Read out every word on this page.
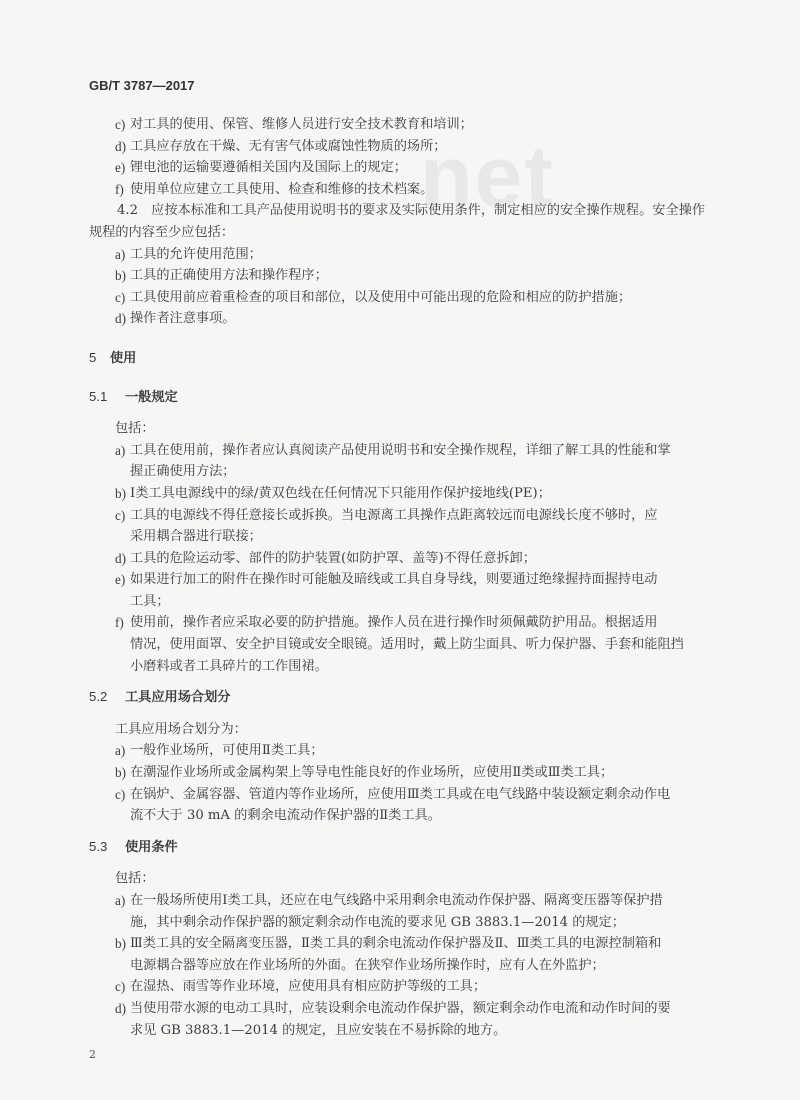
net
GB/T 3787—2017
c) 对工具的使用、保管、维修人员进行安全技术教育和培训；
d) 工具应存放在干燥、无有害气体或腐蚀性物质的场所；
e) 锂电池的运输要遵循相关国内及国际上的规定；
f) 使用单位应建立工具使用、检查和维修的技术档案。
4.2　应按本标准和工具产品使用说明书的要求及实际使用条件，制定相应的安全操作规程。安全操作
规程的内容至少应包括：
a) 工具的允许使用范围；
b) 工具的正确使用方法和操作程序；
c) 工具使用前应着重检查的项目和部位，以及使用中可能出现的危险和相应的防护措施；
d) 操作者注意事项。
5 使用
5.1 一般规定
包括：
a) 工具在使用前，操作者应认真阅读产品使用说明书和安全操作规程，详细了解工具的性能和掌
握正确使用方法；
b) Ⅰ类工具电源线中的绿/黄双色线在任何情况下只能用作保护接地线(PE)；
c) 工具的电源线不得任意接长或拆换。当电源离工具操作点距离较远而电源线长度不够时，应
采用耦合器进行联接；
d) 工具的危险运动零、部件的防护装置(如防护罩、盖等)不得任意拆卸；
e) 如果进行加工的附件在操作时可能触及暗线或工具自身导线，则要通过绝缘握持面握持电动
工具；
f) 使用前，操作者应采取必要的防护措施。操作人员在进行操作时须佩戴防护用品。根据适用
情况，使用面罩、安全护目镜或安全眼镜。适用时，戴上防尘面具、听力保护器、手套和能阻挡
小磨料或者工具碎片的工作围裙。
5.2 工具应用场合划分
工具应用场合划分为：
a) 一般作业场所，可使用Ⅱ类工具；
b) 在潮湿作业场所或金属构架上等导电性能良好的作业场所，应使用Ⅱ类或Ⅲ类工具；
c) 在锅炉、金属容器、管道内等作业场所，应使用Ⅲ类工具或在电气线路中装设额定剩余动作电
流不大于 30 mA 的剩余电流动作保护器的Ⅱ类工具。
5.3 使用条件
包括：
a) 在一般场所使用Ⅰ类工具，还应在电气线路中采用剩余电流动作保护器、隔离变压器等保护措
施，其中剩余动作保护器的额定剩余动作电流的要求见 GB 3883.1—2014 的规定；
b) Ⅲ类工具的安全隔离变压器，Ⅱ类工具的剩余电流动作保护器及Ⅱ、Ⅲ类工具的电源控制箱和
电源耦合器等应放在作业场所的外面。在狭窄作业场所操作时，应有人在外监护；
c) 在湿热、雨雪等作业环境，应使用具有相应防护等级的工具；
d) 当使用带水源的电动工具时，应装设剩余电流动作保护器，额定剩余动作电流和动作时间的要
求见 GB 3883.1—2014 的规定，且应安装在不易拆除的地方。
2
